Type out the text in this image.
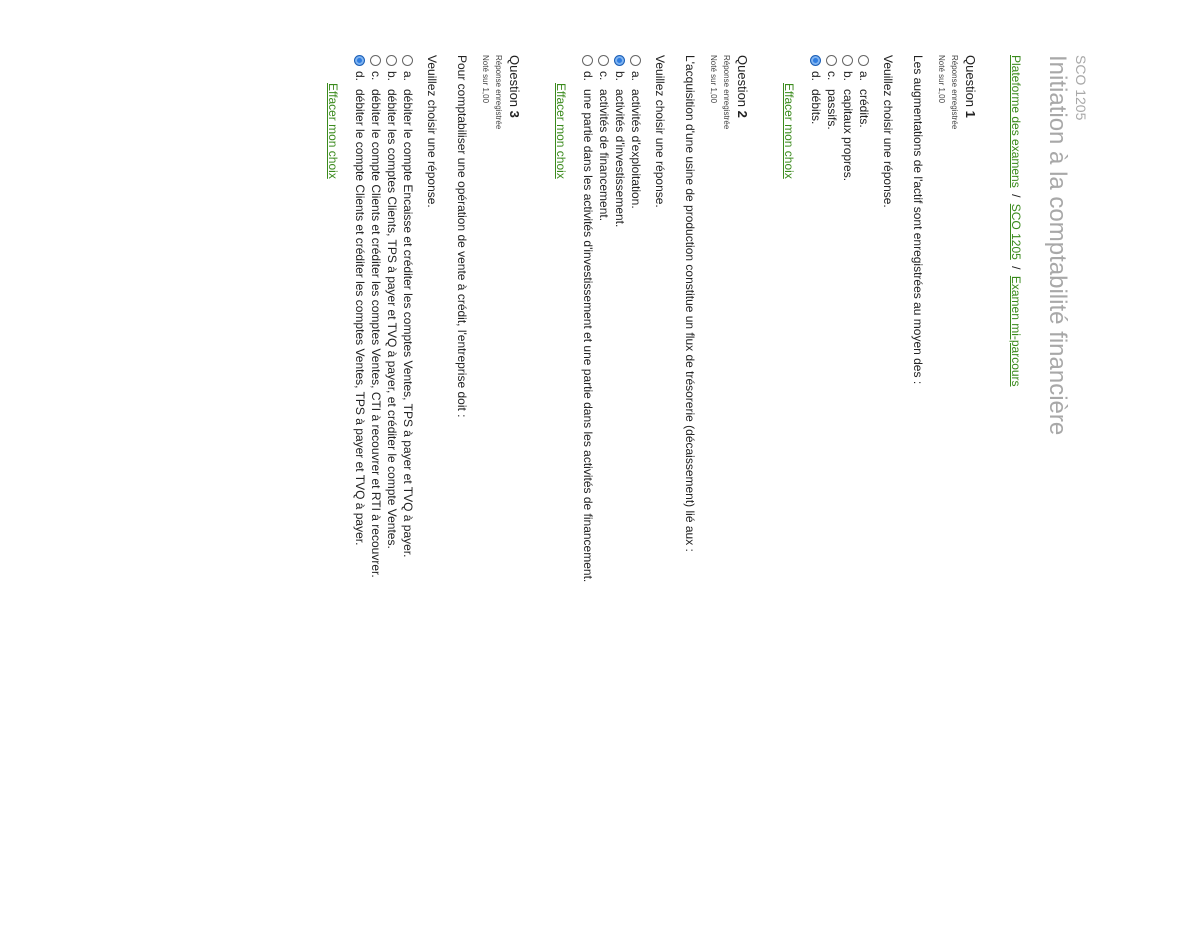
SCO 1205

Initiation à la comptabilité financière
Plateforme des examens / SCO 1205 / Examen mi-parcours

Question 1

Réponse enregistrée

Noté sur 1,00

Les augmentations de l'actif sont enregistrées au moyen des :

Veuillez choisir une réponse.

a.
crédits.
b.
capitaux propres.
c.
passifs.
d.
débits.
Effacer mon choix

Question 2

Réponse enregistrée

Noté sur 1,00

L'acquisition d'une usine de production constitue un flux de trésorerie (décaissement) lié aux :

Veuillez choisir une réponse.

a.
activités d'exploitation.
b.
activités d'investissement.
c.
activités de financement.
d.
une partie dans les activités d'investissement et une partie dans les activités de financement.
Effacer mon choix

Question 3

Réponse enregistrée

Noté sur 1,00

Pour comptabiliser une opération de vente à crédit, l'entreprise doit :

Veuillez choisir une réponse.

a.
débiter le compte Encaisse et créditer les comptes Ventes, TPS à payer et TVQ à payer.
b.
débiter les comptes Clients, TPS à payer et TVQ à payer, et créditer le compte Ventes.
c.
débiter le compte Clients et créditer les comptes Ventes, CTI à recouvrer et RTI à recouvrer.
d.
débiter le compte Clients et créditer les comptes Ventes, TPS à payer et TVQ à payer.
Effacer mon choix
